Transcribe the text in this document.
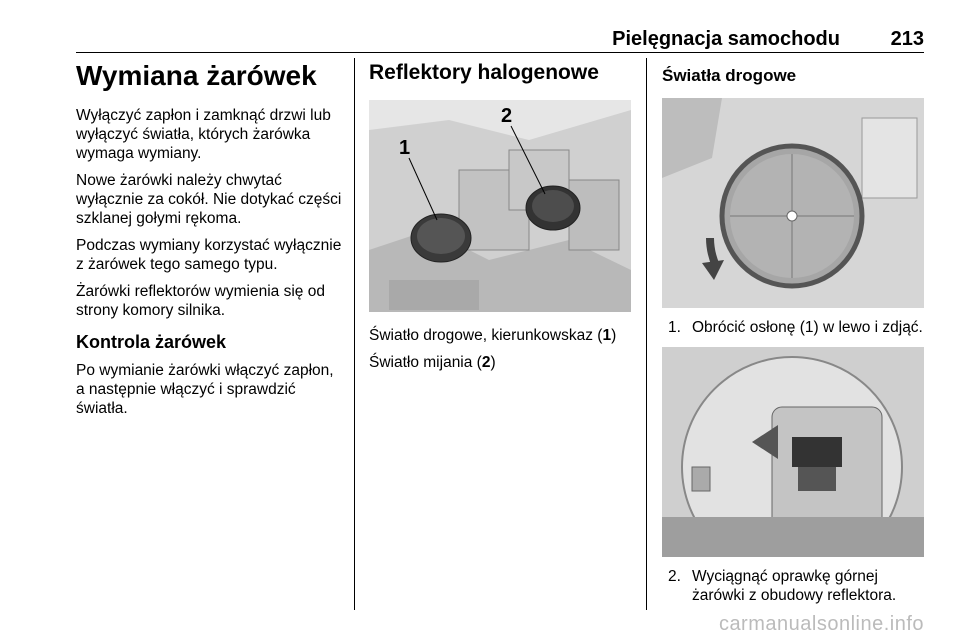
Pielęgnacja samochodu	213
Wymiana żarówek

Wyłączyć zapłon i zamknąć drzwi lub wyłączyć światła, których żarówka wymaga wymiany.

Nowe żarówki należy chwytać wyłącznie za cokół. Nie dotykać części szklanej gołymi rękoma.

Podczas wymiany korzystać wyłącznie z żarówek tego samego typu.

Żarówki reflektorów wymienia się od strony komory silnika.

Kontrola żarówek

Po wymianie żarówki włączyć zapłon, a następnie włączyć i sprawdzić światła.

Reflektory halogenowe
1
2

Światło drogowe, kierunkowskaz (1)

Światło mijania (2)

Światła drogowe
1. Obrócić osłonę (1) w lewo i zdjąć.
2. Wyciągnąć oprawkę górnej żarówki z obudowy reflektora.
carmanualsonline.info
